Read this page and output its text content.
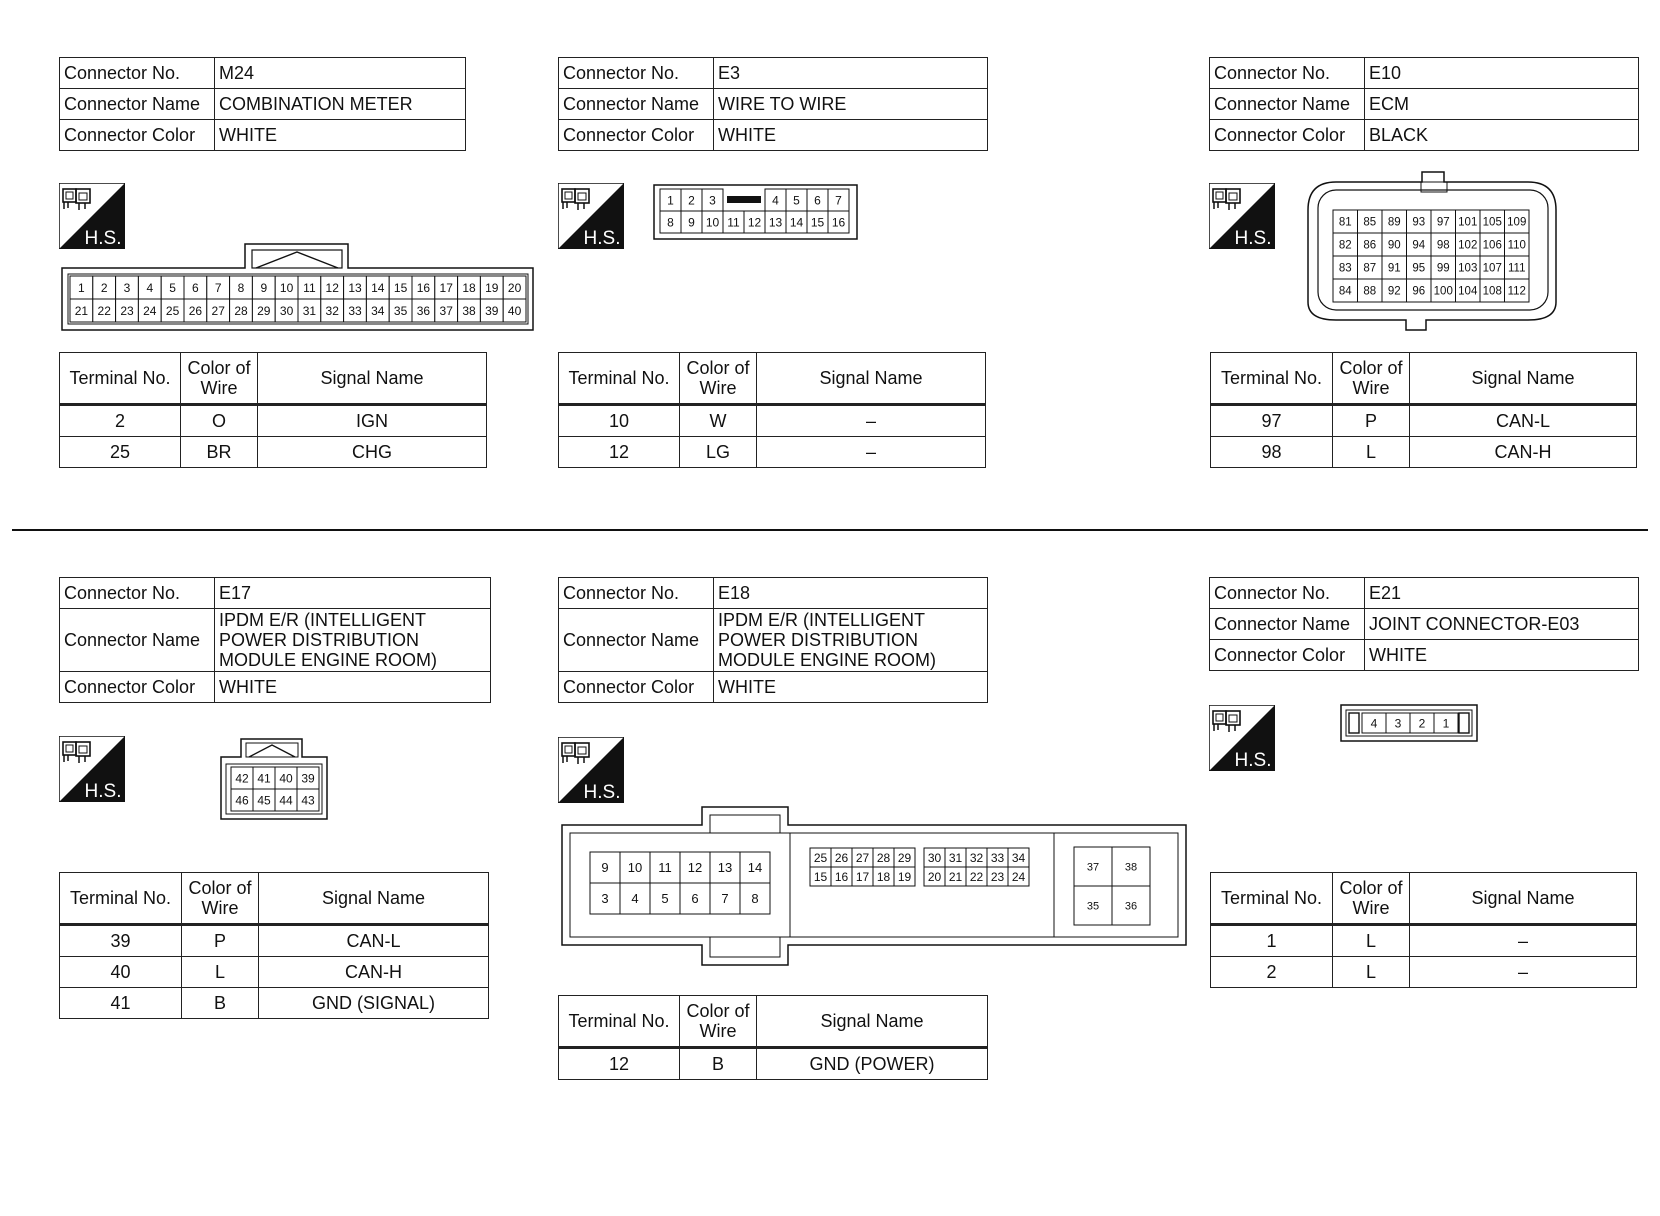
Connector No.	M24
Connector Name	COMBINATION METER
Connector Color	WHITE
H.S.
1 2 3 4 5 6 7 8 9 10 11 12 13 14 15 16 17 18 19 20
21 22 23 24 25 26 27 28 29 30 31 32 33 34 35 36 37 38 39 40
Terminal No.	Color of Wire	Signal Name
2	O	IGN
25	BR	CHG
Connector No.	E3
Connector Name	WIRE TO WIRE
Connector Color	WHITE
H.S.
1 2 3	4 5 6 7
8 9 10 11 12 13 14 15 16
Terminal No.	Color of Wire	Signal Name
10	W	–
12	LG	–
Connector No.	E10
Connector Name	ECM
Connector Color	BLACK
H.S.
81 85 89 93 97 101 105 109
82 86 90 94 98 102 106 110
83 87 91 95 99 103 107 111
84 88 92 96 100 104 108 112
Terminal No.	Color of Wire	Signal Name
97	P	CAN-L
98	L	CAN-H
Connector No.	E17
Connector Name	IPDM E/R (INTELLIGENT POWER DISTRIBUTION MODULE ENGINE ROOM)
Connector Color	WHITE
H.S.
42 41 40 39
46 45 44 43
Terminal No.	Color of Wire	Signal Name
39	P	CAN-L
40	L	CAN-H
41	B	GND (SIGNAL)
Connector No.	E18
Connector Name	IPDM E/R (INTELLIGENT POWER DISTRIBUTION MODULE ENGINE ROOM)
Connector Color	WHITE
H.S.
9 10 11 12 13 14
3 4 5 6 7 8
25 26 27 28 29
15 16 17 18 19
30 31 32 33 34
20 21 22 23 24
37 38
35 36
Terminal No.	Color of Wire	Signal Name
12	B	GND (POWER)
Connector No.	E21
Connector Name	JOINT CONNECTOR-E03
Connector Color	WHITE
H.S.
4 3 2 1
Terminal No.	Color of Wire	Signal Name
1	L	–
2	L	–
